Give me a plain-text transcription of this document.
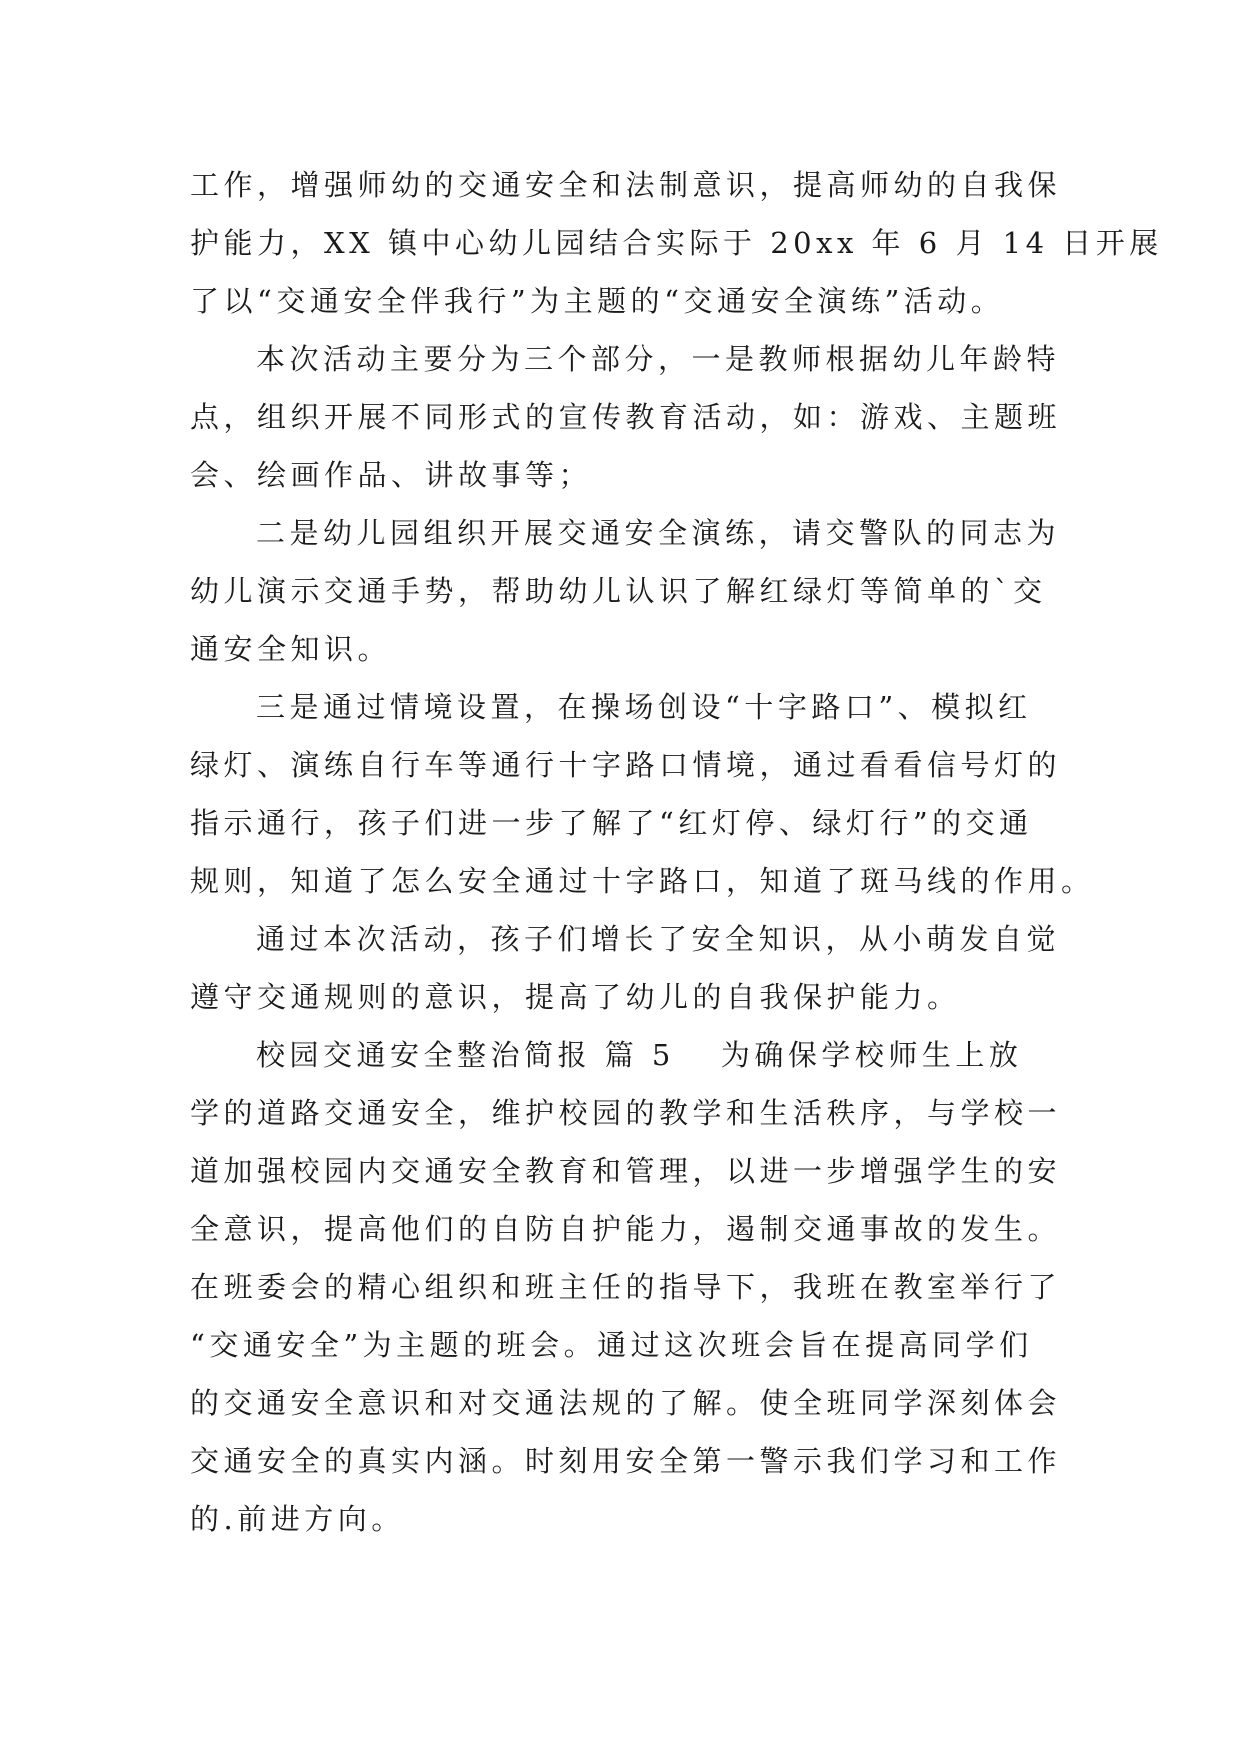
工作，增强师幼的交通安全和法制意识，提高师幼的自我保
护能力，XX 镇中心幼儿园结合实际于 20xx 年 6 月 14 日开展
了以“交通安全伴我行”为主题的“交通安全演练”活动。
本次活动主要分为三个部分，一是教师根据幼儿年龄特
点，组织开展不同形式的宣传教育活动，如：游戏、主题班
会、绘画作品、讲故事等；
二是幼儿园组织开展交通安全演练，请交警队的同志为
幼儿演示交通手势，帮助幼儿认识了解红绿灯等简单的`交
通安全知识。
三是通过情境设置，在操场创设“十字路口”、模拟红
绿灯、演练自行车等通行十字路口情境，通过看看信号灯的
指示通行，孩子们进一步了解了“红灯停、绿灯行”的交通
规则，知道了怎么安全通过十字路口，知道了斑马线的作用。
通过本次活动，孩子们增长了安全知识，从小萌发自觉
遵守交通规则的意识，提高了幼儿的自我保护能力。
校园交通安全整治简报 篇 5 为确保学校师生上放
学的道路交通安全，维护校园的教学和生活秩序，与学校一
道加强校园内交通安全教育和管理，以进一步增强学生的安
全意识，提高他们的自防自护能力，遏制交通事故的发生。
在班委会的精心组织和班主任的指导下，我班在教室举行了
“交通安全”为主题的班会。通过这次班会旨在提高同学们
的交通安全意识和对交通法规的了解。使全班同学深刻体会
交通安全的真实内涵。时刻用安全第一警示我们学习和工作
的.前进方向。
